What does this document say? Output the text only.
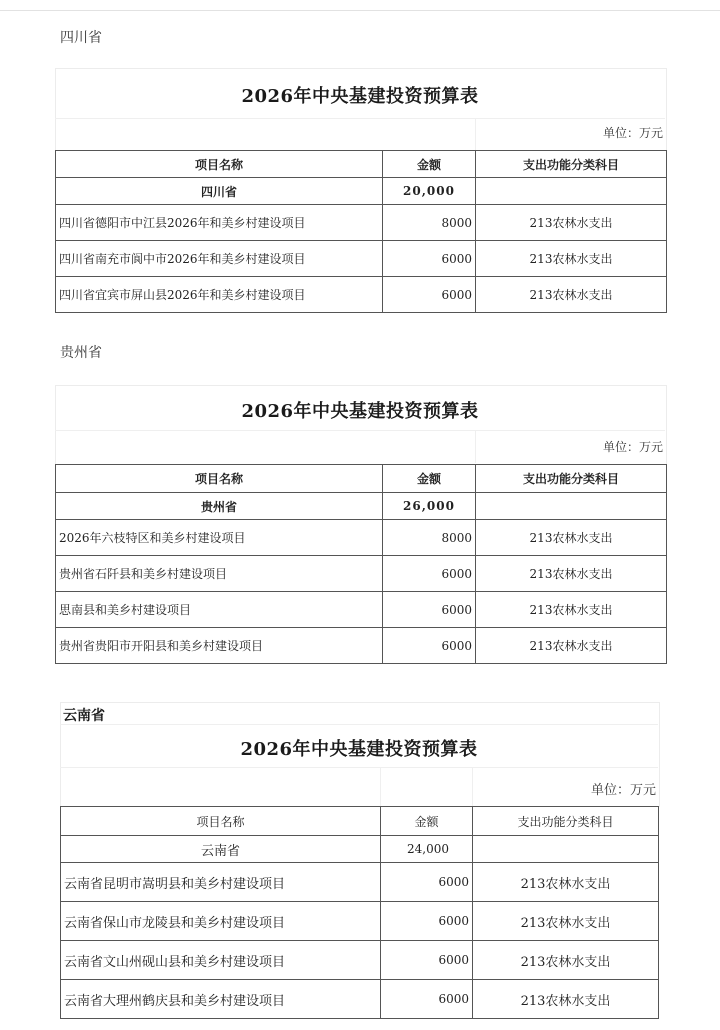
四川省
2026年中央基建投资预算表
单位：万元
项目名称	金额	支出功能分类科目
四川省	20,000	
四川省德阳市中江县2026年和美乡村建设项目	8000	213农林水支出
四川省南充市阆中市2026年和美乡村建设项目	6000	213农林水支出
四川省宜宾市屏山县2026年和美乡村建设项目	6000	213农林水支出
贵州省
2026年中央基建投资预算表
单位：万元
项目名称	金额	支出功能分类科目
贵州省	26,000	
2026年六枝特区和美乡村建设项目	8000	213农林水支出
贵州省石阡县和美乡村建设项目	6000	213农林水支出
思南县和美乡村建设项目	6000	213农林水支出
贵州省贵阳市开阳县和美乡村建设项目	6000	213农林水支出
云南省
2026年中央基建投资预算表
单位：万元
项目名称	金额	支出功能分类科目
云南省	24,000	
云南省昆明市嵩明县和美乡村建设项目	6000	213农林水支出
云南省保山市龙陵县和美乡村建设项目	6000	213农林水支出
云南省文山州砚山县和美乡村建设项目	6000	213农林水支出
云南省大理州鹤庆县和美乡村建设项目	6000	213农林水支出
